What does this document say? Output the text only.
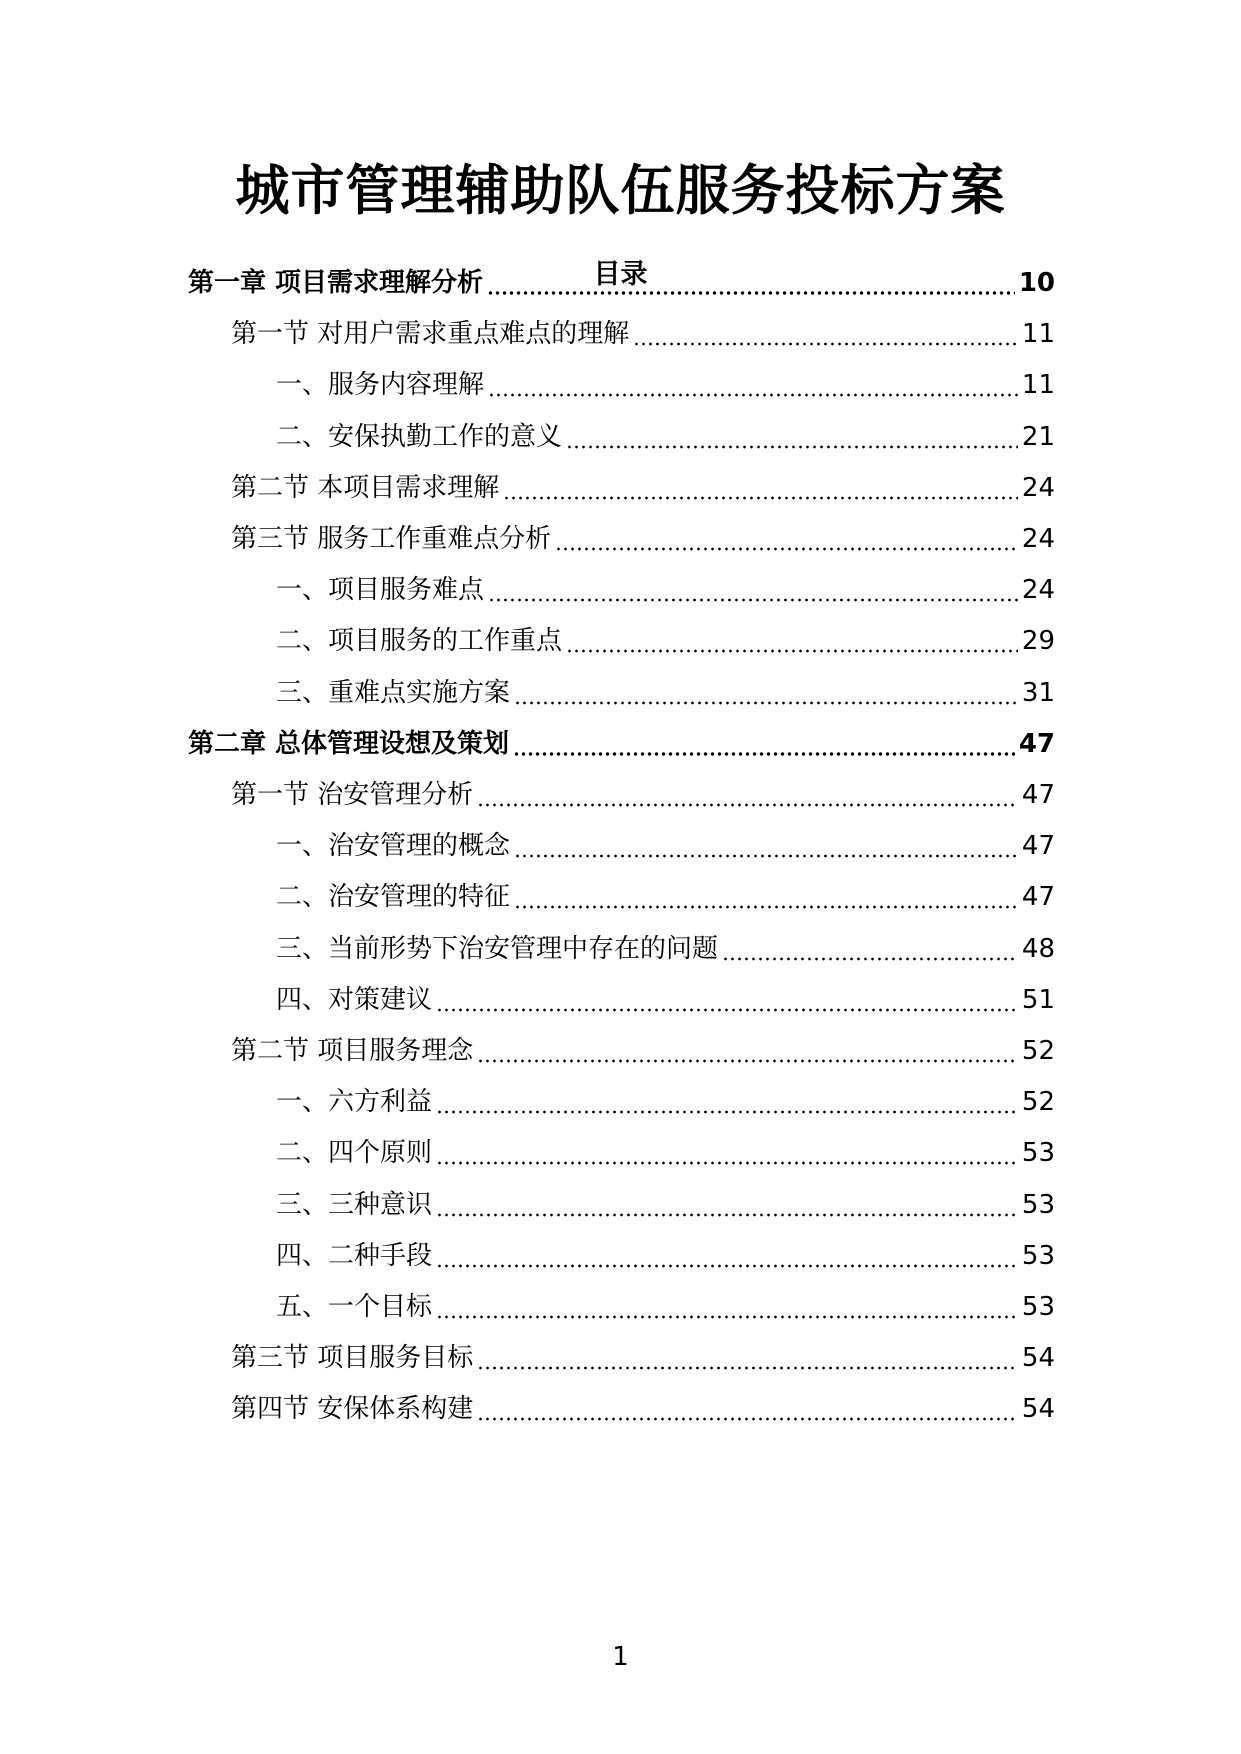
城市管理辅助队伍服务投标方案
目录
第一章 项目需求理解分析	10
第一节 对用户需求重点难点的理解	11
一、服务内容理解	11
二、安保执勤工作的意义	21
第二节 本项目需求理解	24
第三节 服务工作重难点分析	24
一、项目服务难点	24
二、项目服务的工作重点	29
三、重难点实施方案	31
第二章 总体管理设想及策划	47
第一节 治安管理分析	47
一、治安管理的概念	47
二、治安管理的特征	47
三、当前形势下治安管理中存在的问题	48
四、对策建议	51
第二节 项目服务理念	52
一、六方利益	52
二、四个原则	53
三、三种意识	53
四、二种手段	53
五、一个目标	53
第三节 项目服务目标	54
第四节 安保体系构建	54
1
